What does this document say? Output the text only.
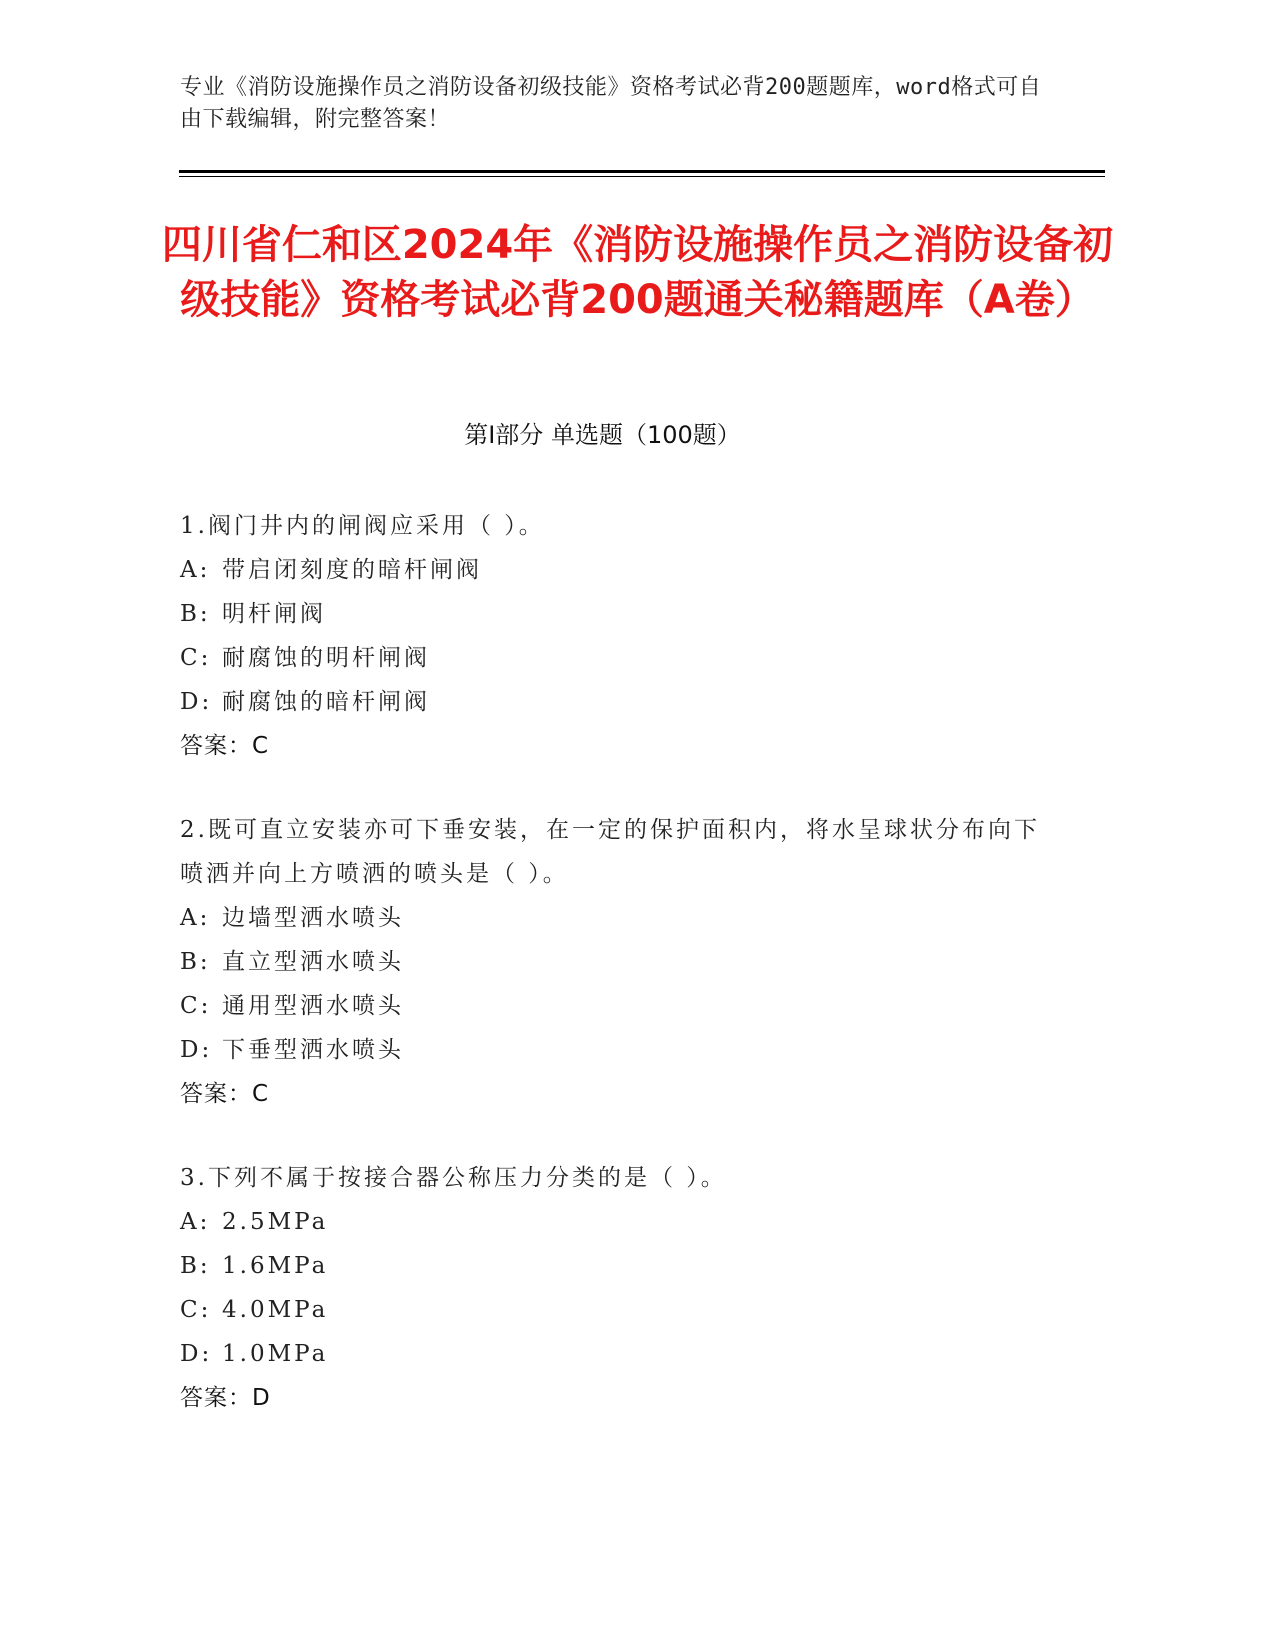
专业《消防设施操作员之消防设备初级技能》资格考试必背200题题库，word格式可自由下载编辑，附完整答案！
四川省仁和区2024年《消防设施操作员之消防设备初级技能》资格考试必背200题通关秘籍题库（A卷）
第Ⅰ部分 单选题（100题）

1.阀门井内的闸阀应采用（ ）。

A: 带启闭刻度的暗杆闸阀

B: 明杆闸阀

C: 耐腐蚀的明杆闸阀

D: 耐腐蚀的暗杆闸阀

答案：C

2.既可直立安装亦可下垂安装，在一定的保护面积内，将水呈球状分布向下喷洒并向上方喷洒的喷头是（ ）。

A: 边墙型洒水喷头

B: 直立型洒水喷头

C: 通用型洒水喷头

D: 下垂型洒水喷头

答案：C

3.下列不属于按接合器公称压力分类的是（ ）。

A: 2.5MPa

B: 1.6MPa

C: 4.0MPa

D: 1.0MPa

答案：D
